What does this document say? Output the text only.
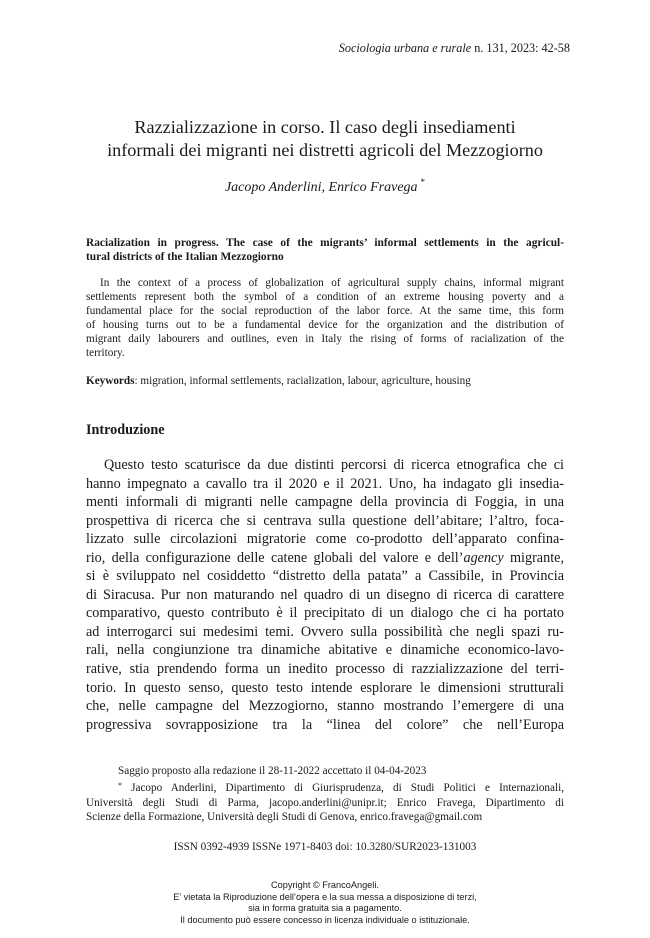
Sociologia urbana e rurale n. 131, 2023: 42-58
Razzializzazione in corso. Il caso degli insediamenti
informali dei migranti nei distretti agricoli del Mezzogiorno
Jacopo Anderlini, Enrico Fravega *
Racialization in progress. The case of the migrants’ informal settlements in the agricul-
tural districts of the Italian Mezzogiorno

In the context of a process of globalization of agricultural supply chains, informal migrant
settlements represent both the symbol of a condition of an extreme housing poverty and a
fundamental place for the social reproduction of the labor force. At the same time, this form
of housing turns out to be a fundamental device for the organization and the distribution of
migrant daily labourers and outlines, even in Italy the rising of forms of racialization of the
territory.

Keywords: migration, informal settlements, racialization, labour, agriculture, housing
Introduzione

Questo testo scaturisce da due distinti percorsi di ricerca etnografica che ci
hanno impegnato a cavallo tra il 2020 e il 2021. Uno, ha indagato gli insedia-
menti informali di migranti nelle campagne della provincia di Foggia, in una
prospettiva di ricerca che si centrava sulla questione dell’abitare; l’altro, foca-
lizzato sulle circolazioni migratorie come co-prodotto dell’apparato confina-
rio, della configurazione delle catene globali del valore e dell’agency migrante,
si è sviluppato nel cosiddetto “distretto della patata” a Cassibile, in Provincia
di Siracusa. Pur non maturando nel quadro di un disegno di ricerca di carattere
comparativo, questo contributo è il precipitato di un dialogo che ci ha portato
ad interrogarci sui medesimi temi. Ovvero sulla possibilità che negli spazi ru-
rali, nella congiunzione tra dinamiche abitative e dinamiche economico-lavo-
rative, stia prendendo forma un inedito processo di razzializzazione del terri-
torio. In questo senso, questo testo intende esplorare le dimensioni strutturali
che, nelle campagne del Mezzogiorno, stanno mostrando l’emergere di una
progressiva sovrapposizione tra la “linea del colore” che nell’Europa

Saggio proposto alla redazione il 28-11-2022 accettato il 04-04-2023

* Jacopo Anderlini, Dipartimento di Giurisprudenza, di Studi Politici e Internazionali,
Università degli Studi di Parma, jacopo.anderlini@unipr.it; Enrico Fravega, Dipartimento di
Scienze della Formazione, Università degli Studi di Genova, enrico.fravega@gmail.com

ISSN 0392-4939 ISSNe 1971-8403 doi: 10.3280/SUR2023-131003
Copyright © FrancoAngeli.
E’ vietata la Riproduzione dell’opera e la sua messa a disposizione di terzi,
sia in forma gratuita sia a pagamento.
Il documento può essere concesso in licenza individuale o istituzionale.
